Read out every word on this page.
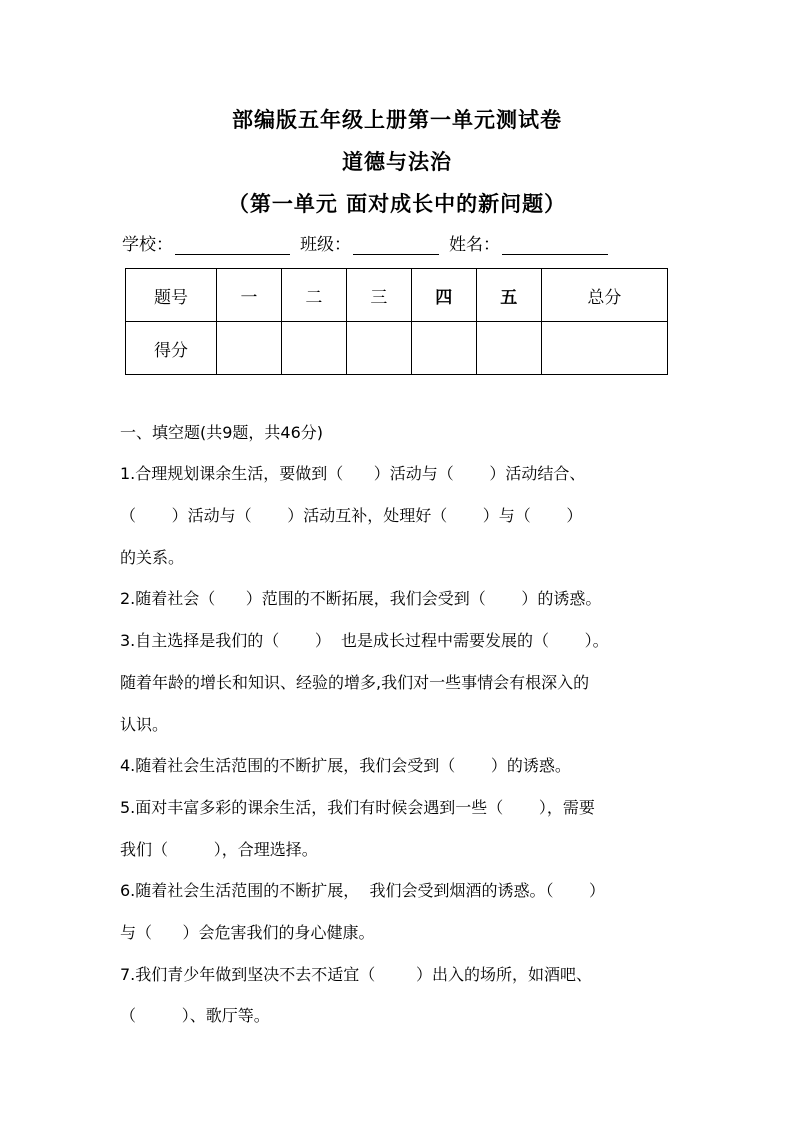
部编版五年级上册第一单元测试卷
道德与法治
（第一单元 面对成长中的新问题）
学校：	班级：	姓名：
题号	一	二	三	四	五	总分
得分						
一、填空题(共9题，共46分)
1.合理规划课余生活，要做到（      ）活动与（       ）活动结合、
（       ）活动与（       ）活动互补，处理好（       ）与（       ）
的关系。
2.随着社会（      ）范围的不断拓展，我们会受到（       ）的诱惑。
3.自主选择是我们的（       ）  也是成长过程中需要发展的（       ）。
随着年龄的增长和知识、经验的增多,我们对一些事情会有根深入的
认识。
4.随着社会生活范围的不断扩展，我们会受到（       ）的诱惑。
5.面对丰富多彩的课余生活，我们有时候会遇到一些（       ），需要
我们（         ），合理选择。
6.随着社会生活范围的不断扩展，  我们会受到烟酒的诱惑。（       ）
与（      ）会危害我们的身心健康。
7.我们青少年做到坚决不去不适宜（        ）出入的场所，如酒吧、
（         ）、歌厅等。
